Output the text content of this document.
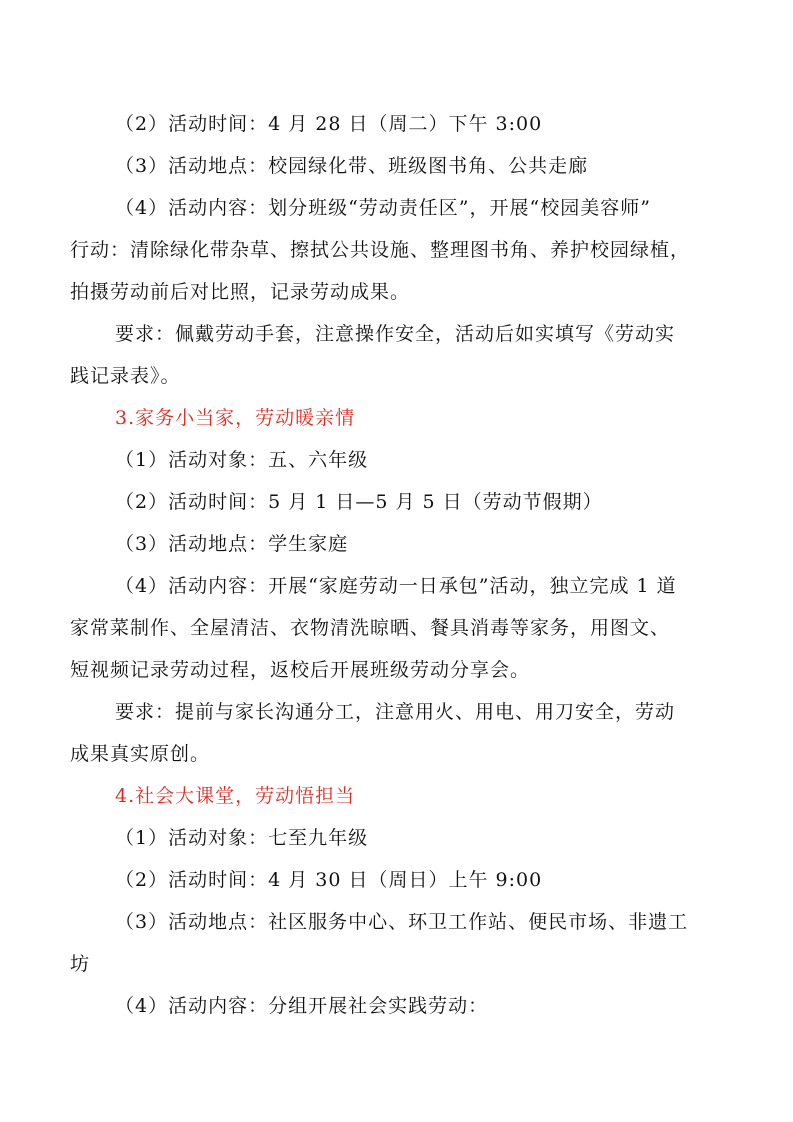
（2）活动时间：4 月 28 日（周二）下午 3:00
（3）活动地点：校园绿化带、班级图书角、公共走廊
（4）活动内容：划分班级“劳动责任区”，开展“校园美容师”
行动：清除绿化带杂草、擦拭公共设施、整理图书角、养护校园绿植，
拍摄劳动前后对比照，记录劳动成果。
要求：佩戴劳动手套，注意操作安全，活动后如实填写《劳动实
践记录表》。
3.家务小当家，劳动暖亲情
（1）活动对象：五、六年级
（2）活动时间：5 月 1 日—5 月 5 日（劳动节假期）
（3）活动地点：学生家庭
（4）活动内容：开展“家庭劳动一日承包”活动，独立完成 1 道
家常菜制作、全屋清洁、衣物清洗晾晒、餐具消毒等家务，用图文、
短视频记录劳动过程，返校后开展班级劳动分享会。
要求：提前与家长沟通分工，注意用火、用电、用刀安全，劳动
成果真实原创。
4.社会大课堂，劳动悟担当
（1）活动对象：七至九年级
（2）活动时间：4 月 30 日（周日）上午 9:00
（3）活动地点：社区服务中心、环卫工作站、便民市场、非遗工
坊
（4）活动内容：分组开展社会实践劳动：
